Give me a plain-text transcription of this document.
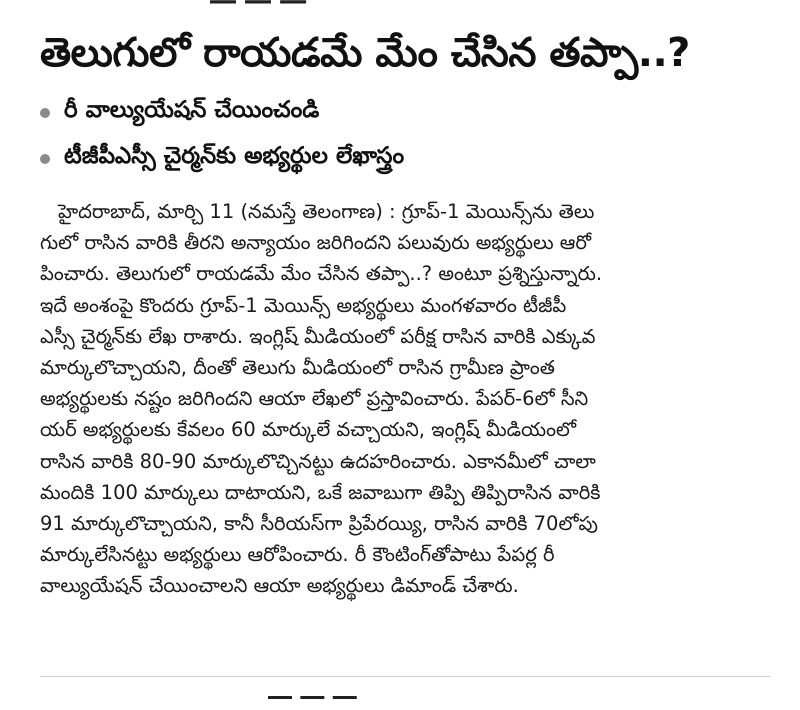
― ― ―
తెలుగులో రాయడమే మేం చేసిన తప్పా..?
రీ వాల్యుయేషన్ చేయించండి
టీజీపీఎస్సీ చైర్మన్‌కు అభ్యర్థుల లేఖాస్త్రం
హైదరాబాద్, మార్చి 11 (నమస్తే తెలంగాణ) : గ్రూప్-1 మెయిన్స్‌ను తెలు
గులో రాసిన వారికి తీరని అన్యాయం జరిగిందని పలువురు అభ్యర్థులు ఆరో
పించారు. తెలుగులో రాయడమే మేం చేసిన తప్పా..? అంటూ ప్రశ్నిస్తున్నారు.
ఇదే అంశంపై కొందరు గ్రూప్-1 మెయిన్స్ అభ్యర్థులు మంగళవారం టీజీపీ
ఎస్సీ చైర్మన్‌కు లేఖ రాశారు. ఇంగ్లిష్ మీడియంలో పరీక్ష రాసిన వారికి ఎక్కువ
మార్కులొచ్చాయని, దీంతో తెలుగు మీడియంలో రాసిన గ్రామీణ ప్రాంత
అభ్యర్థులకు నష్టం జరిగిందని ఆయా లేఖలో ప్రస్తావించారు. పేపర్-6లో సీని
యర్ అభ్యర్థులకు కేవలం 60 మార్కులే వచ్చాయని, ఇంగ్లిష్ మీడియంలో
రాసిన వారికి 80-90 మార్కులొచ్చినట్టు ఉదహరించారు. ఎకానమీలో చాలా
మందికి 100 మార్కులు దాటాయని, ఒకే జవాబుగా తిప్పి తిప్పిరాసిన వారికి
91 మార్కులొచ్చాయని, కానీ సీరియస్‌గా ప్రిపేరయ్యి, రాసిన వారికి 70లోపు
మార్కులేసినట్టు అభ్యర్థులు ఆరోపించారు. రీ కౌంటింగ్‌తోపాటు పేపర్ల రీ
వాల్యుయేషన్ చేయించాలని ఆయా అభ్యర్థులు డిమాండ్ చేశారు.
― ― ―
